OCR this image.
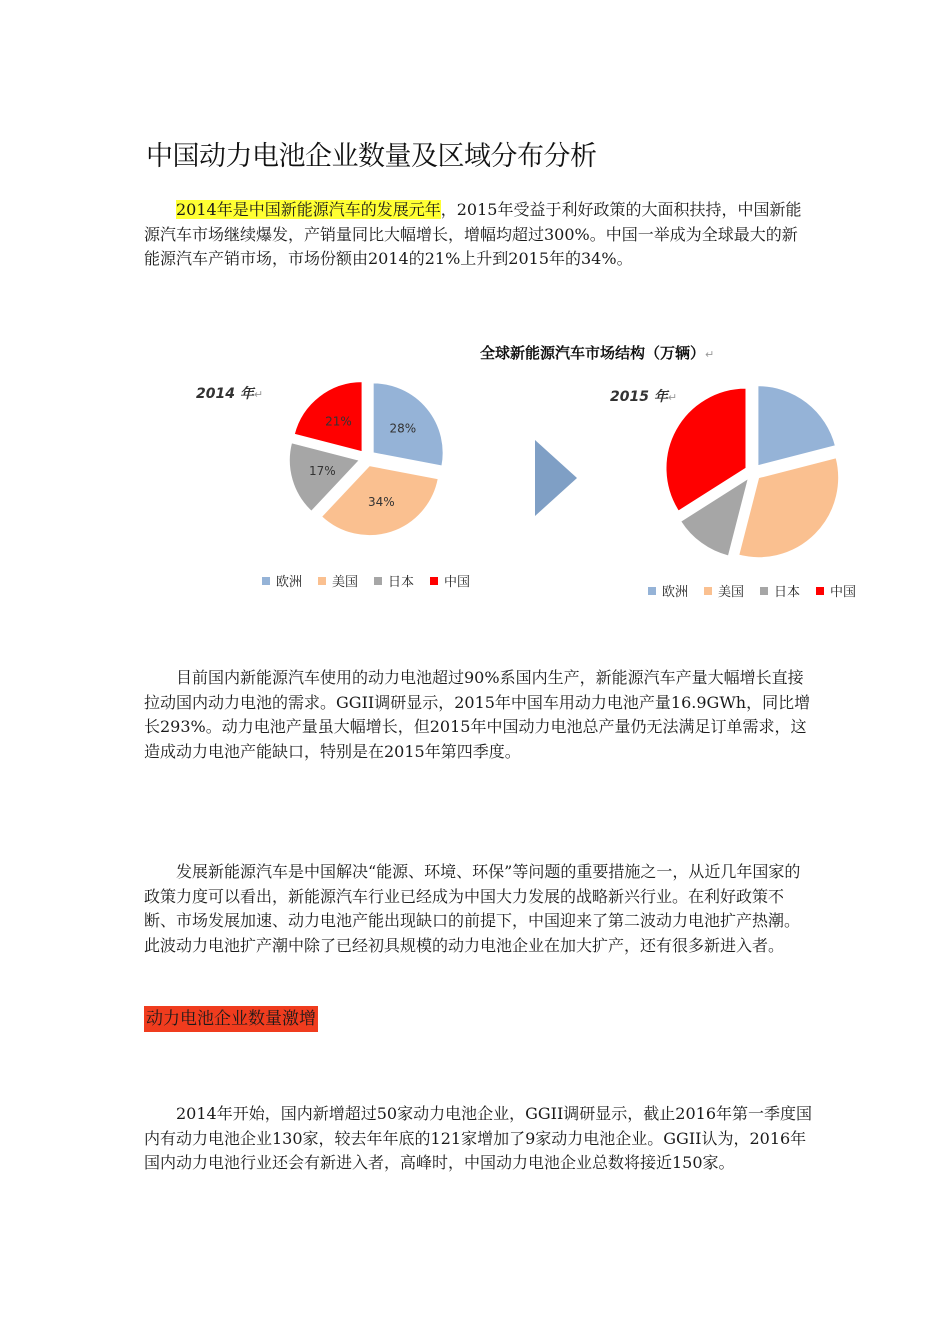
中国动力电池企业数量及区域分布分析

2014年是中国新能源汽车的发展元年，2015年受益于利好政策的大面积扶持，中国新能源汽车市场继续爆发，产销量同比大幅增长，增幅均超过300%。中国一举成为全球最大的新能源汽车产销市场，市场份额由2014的21%上升到2015年的34%。

全球新能源汽车市场结构（万辆）↵
2014 年↵	2015 年↵
28%
34%
17%
21%
欧洲 美国 日本 中国
欧洲 美国 日本 中国

目前国内新能源汽车使用的动力电池超过90%系国内生产，新能源汽车产量大幅增长直接拉动国内动力电池的需求。GGII调研显示，2015年中国车用动力电池产量16.9GWh，同比增长293%。动力电池产量虽大幅增长，但2015年中国动力电池总产量仍无法满足订单需求，这造成动力电池产能缺口，特别是在2015年第四季度。

发展新能源汽车是中国解决“能源、环境、环保”等问题的重要措施之一，从近几年国家的政策力度可以看出，新能源汽车行业已经成为中国大力发展的战略新兴行业。在利好政策不断、市场发展加速、动力电池产能出现缺口的前提下，中国迎来了第二波动力电池扩产热潮。此波动力电池扩产潮中除了已经初具规模的动力电池企业在加大扩产，还有很多新进入者。

动力电池企业数量激增

2014年开始，国内新增超过50家动力电池企业，GGII调研显示，截止2016年第一季度国内有动力电池企业130家，较去年年底的121家增加了9家动力电池企业。GGII认为，2016年国内动力电池行业还会有新进入者，高峰时，中国动力电池企业总数将接近150家。
